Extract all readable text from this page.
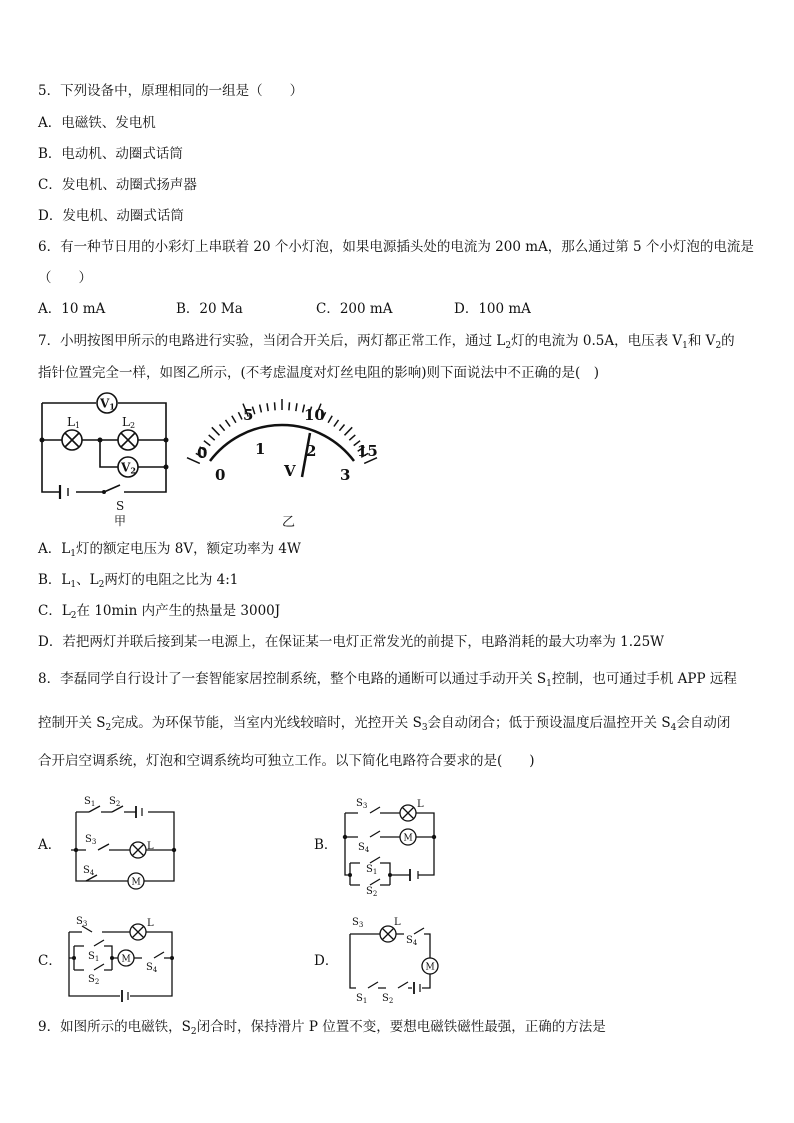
5．下列设备中，原理相同的一组是（　　）
A．电磁铁、发电机
B．电动机、动圈式话筒
C．发电机、动圈式扬声器
D．发电机、动圈式话筒
6．有一种节日用的小彩灯上串联着 20 个小灯泡，如果电源插头处的电流为 200 mA，那么通过第 5 个小灯泡的电流是
（　　）
A．10 mA	B．20 Ma	C．200 mA	D．100 mA
7．小明按图甲所示的电路进行实验，当闭合开关后，两灯都正常工作，通过 $L_2$灯的电流为 0.5A，电压表 $V_1$和 $V_2$的
指针位置完全一样，如图乙所示，(不考虑温度对灯丝电阻的影响)则下面说法中不正确的是(　)
V1
V2
L1	L2
S
甲
0
5	10
15
0
1	2
3
V
乙
A．$L_1$灯的额定电压为 8V，额定功率为 4W
B．$L_1$、$L_2$两灯的电阻之比为 4:1
C．$L_2$在 10min 内产生的热量是 3000J
D．若把两灯并联后接到某一电源上，在保证某一电灯正常发光的前提下，电路消耗的最大功率为 1.25W
8．李磊同学自行设计了一套智能家居控制系统，整个电路的通断可以通过手动开关 $S_1$控制，也可通过手机 APP 远程
控制开关 $S_2$完成。为环保节能，当室内光线较暗时，光控开关 $S_3$会自动闭合；低于预设温度后温控开关 $S_4$会自动闭
合开启空调系统，灯泡和空调系统均可独立工作。以下简化电路符合要求的是(　　)
A．	B．
C．	D．
$S_1$ $S_2$
$S_3$	L
$S_4$
M
$S_3$	L
$S_4$
M
$S_1$
$S_2$
$S_3$	L
$S_1$
$S_2$
M
$S_4$
$S_3$	L
$S_4$
M
$S_1$ $S_2$
9．如图所示的电磁铁，$S_2$闭合时，保持滑片 P 位置不变，要想电磁铁磁性最强，正确的方法是
